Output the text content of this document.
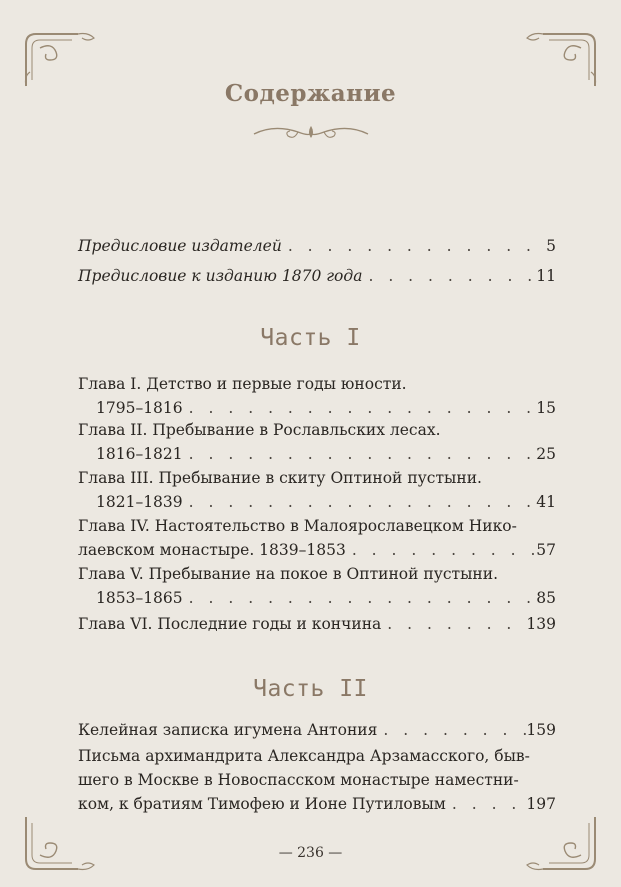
Содержание
Предисловие издателей . . .	5
Предисловие к изданию 1870 года . . .	11
Часть I
Глава I. Детство и первые годы юности.
1795–1816 . . .	15
Глава II. Пребывание в Рославльских лесах.
1816–1821 . . .	25
Глава III. Пребывание в скиту Оптиной пустыни.
1821–1839 . . .	41
Глава IV. Настоятельство в Малоярославецком Нико-
лаевском монастыре. 1839–1853 . . .	57
Глава V. Пребывание на покое в Оптиной пустыни.
1853–1865 . . .	85
Глава VI. Последние годы и кончина . . .	139
Часть II
Келейная записка игумена Антония . . .	159
Письма архимандрита Александра Арзамасского, быв-
шего в Москве в Новоспасском монастыре наместни-
ком, к братиям Тимофею и Ионе Путиловым . . .	197
— 236 —
